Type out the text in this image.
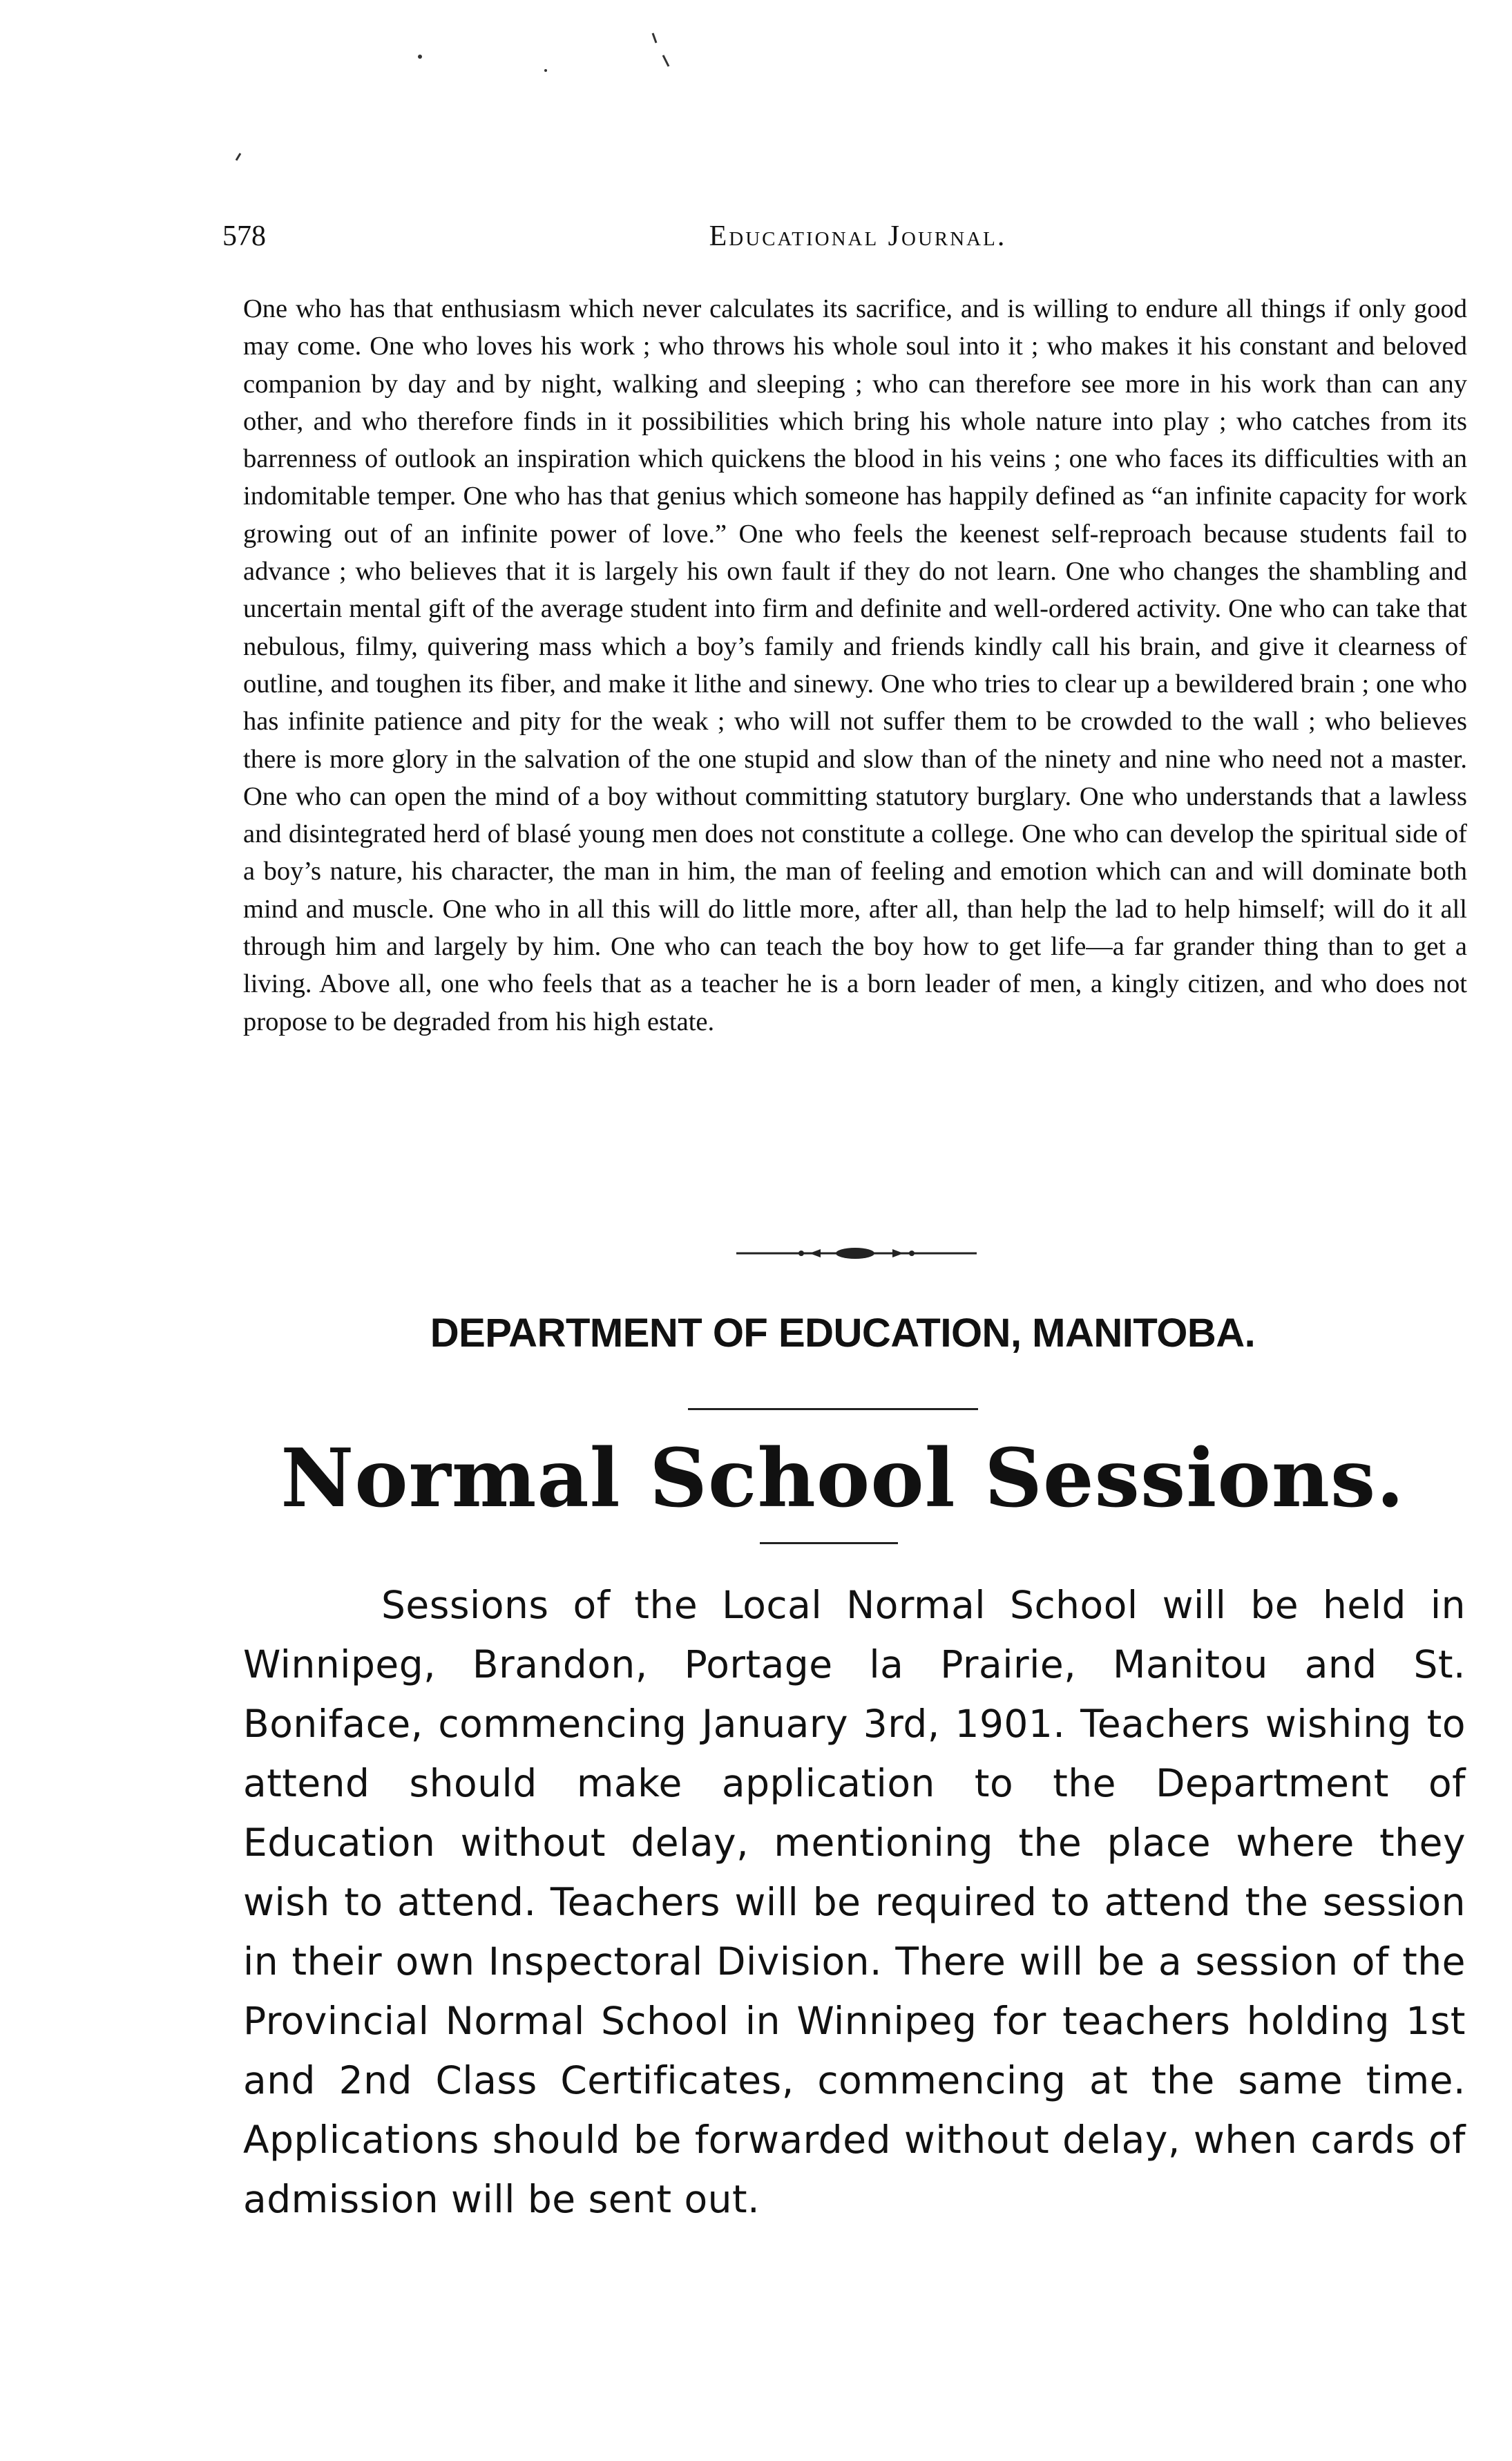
578	Educational Journal.

One who has that enthusiasm which never calculates its sacrifice, and is willing to endure all things if only good may come. One who loves his work ; who throws his whole soul into it ; who makes it his constant and beloved companion by day and by night, walking and sleeping ; who can therefore see more in his work than can any other, and who therefore finds in it possibilities which bring his whole nature into play ; who catches from its barrenness of outlook an inspiration which quickens the blood in his veins ; one who faces its difficulties with an indomitable temper. One who has that genius which someone has happily defined as “an infinite capacity for work growing out of an infinite power of love.” One who feels the keenest self-reproach because students fail to advance ; who believes that it is largely his own fault if they do not learn. One who changes the shambling and uncertain mental gift of the average student into firm and definite and well-ordered activity. One who can take that nebulous, filmy, quivering mass which a boy’s family and friends kindly call his brain, and give it clearness of outline, and toughen its fiber, and make it lithe and sinewy. One who tries to clear up a bewildered brain ; one who has infinite patience and pity for the weak ; who will not suffer them to be crowded to the wall ; who believes there is more glory in the salvation of the one stupid and slow than of the ninety and nine who need not a master. One who can open the mind of a boy without committing statutory burglary. One who understands that a lawless and disintegrated herd of blasé young men does not constitute a college. One who can develop the spiritual side of a boy’s nature, his character, the man in him, the man of feeling and emotion which can and will dominate both mind and muscle. One who in all this will do little more, after all, than help the lad to help himself; will do it all through him and largely by him. One who can teach the boy how to get life—a far grander thing than to get a living. Above all, one who feels that as a teacher he is a born leader of men, a kingly citizen, and who does not propose to be degraded from his high estate.

DEPARTMENT OF EDUCATION, MANITOBA.
Normal School Sessions.

Sessions of the Local Normal School will be held in Winnipeg, Brandon, Portage la Prairie, Manitou and St. Boniface, commencing January 3rd, 1901. Teachers wishing to attend should make application to the Department of Education without delay, mentioning the place where they wish to attend. Teachers will be required to attend the session in their own Inspectoral Division. There will be a session of the Provincial Normal School in Winnipeg for teachers holding 1st and 2nd Class Certificates, commencing at the same time. Applications should be forwarded without delay, when cards of admission will be sent out.
